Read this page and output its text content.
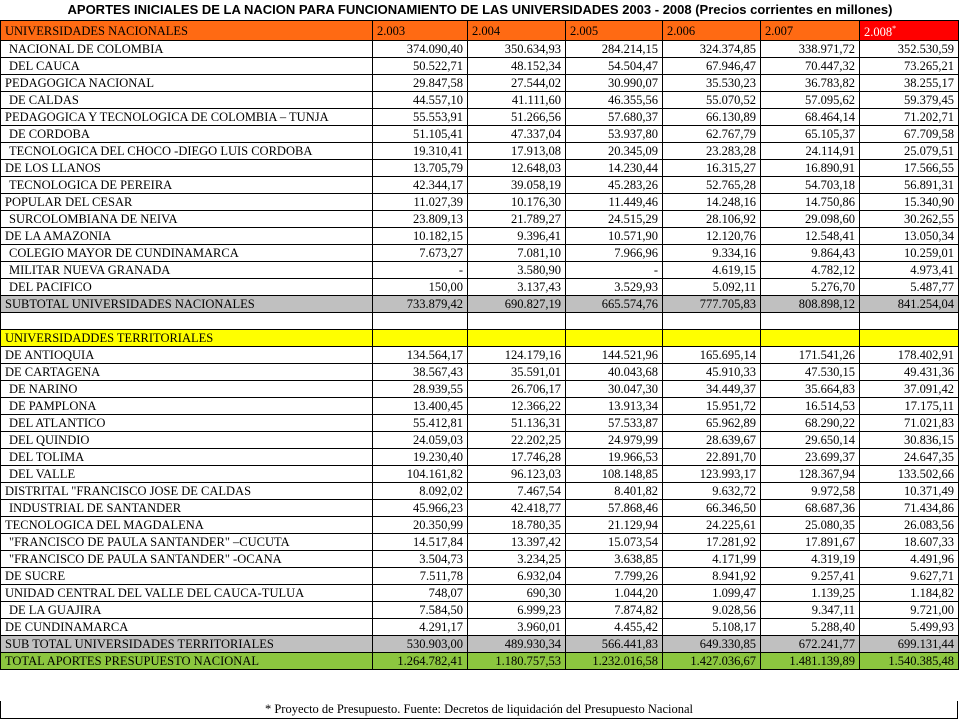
APORTES INICIALES DE LA NACION PARA FUNCIONAMIENTO DE LAS UNIVERSIDADES 2003 - 2008 (Precios corrientes en millones)
UNIVERSIDADES NACIONALES	2.003	2.004	2.005	2.006	2.007	2.008*
NACIONAL DE COLOMBIA	374.090,40	350.634,93	284.214,15	324.374,85	338.971,72	352.530,59
DEL CAUCA	50.522,71	48.152,34	54.504,47	67.946,47	70.447,32	73.265,21
PEDAGOGICA NACIONAL	29.847,58	27.544,02	30.990,07	35.530,23	36.783,82	38.255,17
DE CALDAS	44.557,10	41.111,60	46.355,56	55.070,52	57.095,62	59.379,45
PEDAGOGICA Y TECNOLOGICA DE COLOMBIA – TUNJA	55.553,91	51.266,56	57.680,37	66.130,89	68.464,14	71.202,71
DE CORDOBA	51.105,41	47.337,04	53.937,80	62.767,79	65.105,37	67.709,58
TECNOLOGICA DEL CHOCO -DIEGO LUIS CORDOBA	19.310,41	17.913,08	20.345,09	23.283,28	24.114,91	25.079,51
DE LOS LLANOS	13.705,79	12.648,03	14.230,44	16.315,27	16.890,91	17.566,55
TECNOLOGICA DE PEREIRA	42.344,17	39.058,19	45.283,26	52.765,28	54.703,18	56.891,31
POPULAR DEL CESAR	11.027,39	10.176,30	11.449,46	14.248,16	14.750,86	15.340,90
SURCOLOMBIANA DE NEIVA	23.809,13	21.789,27	24.515,29	28.106,92	29.098,60	30.262,55
DE LA AMAZONIA	10.182,15	9.396,41	10.571,90	12.120,76	12.548,41	13.050,34
COLEGIO MAYOR DE CUNDINAMARCA	7.673,27	7.081,10	7.966,96	9.334,16	9.864,43	10.259,01
MILITAR NUEVA GRANADA	-	3.580,90	-	4.619,15	4.782,12	4.973,41
DEL PACIFICO	150,00	3.137,43	3.529,93	5.092,11	5.276,70	5.487,77
SUBTOTAL UNIVERSIDADES NACIONALES	733.879,42	690.827,19	665.574,76	777.705,83	808.898,12	841.254,04

UNIVERSIDADDES TERRITORIALES						
DE ANTIOQUIA	134.564,17	124.179,16	144.521,96	165.695,14	171.541,26	178.402,91
DE CARTAGENA	38.567,43	35.591,01	40.043,68	45.910,33	47.530,15	49.431,36
DE NARINO	28.939,55	26.706,17	30.047,30	34.449,37	35.664,83	37.091,42
DE PAMPLONA	13.400,45	12.366,22	13.913,34	15.951,72	16.514,53	17.175,11
DEL ATLANTICO	55.412,81	51.136,31	57.533,87	65.962,89	68.290,22	71.021,83
DEL QUINDIO	24.059,03	22.202,25	24.979,99	28.639,67	29.650,14	30.836,15
DEL TOLIMA	19.230,40	17.746,28	19.966,53	22.891,70	23.699,37	24.647,35
DEL VALLE	104.161,82	96.123,03	108.148,85	123.993,17	128.367,94	133.502,66
DISTRITAL "FRANCISCO JOSE DE CALDAS	8.092,02	7.467,54	8.401,82	9.632,72	9.972,58	10.371,49
INDUSTRIAL DE SANTANDER	45.966,23	42.418,77	57.868,46	66.346,50	68.687,36	71.434,86
TECNOLOGICA DEL MAGDALENA	20.350,99	18.780,35	21.129,94	24.225,61	25.080,35	26.083,56
"FRANCISCO DE PAULA SANTANDER" –CUCUTA	14.517,84	13.397,42	15.073,54	17.281,92	17.891,67	18.607,33
"FRANCISCO DE PAULA SANTANDER" -OCANA	3.504,73	3.234,25	3.638,85	4.171,99	4.319,19	4.491,96
DE SUCRE	7.511,78	6.932,04	7.799,26	8.941,92	9.257,41	9.627,71
UNIDAD CENTRAL DEL VALLE DEL CAUCA-TULUA	748,07	690,30	1.044,20	1.099,47	1.139,25	1.184,82
DE LA GUAJIRA	7.584,50	6.999,23	7.874,82	9.028,56	9.347,11	9.721,00
DE CUNDINAMARCA	4.291,17	3.960,01	4.455,42	5.108,17	5.288,40	5.499,93
SUB TOTAL UNIVERSIDADES TERRITORIALES	530.903,00	489.930,34	566.441,83	649.330,85	672.241,77	699.131,44
TOTAL APORTES PRESUPUESTO NACIONAL	1.264.782,41	1.180.757,53	1.232.016,58	1.427.036,67	1.481.139,89	1.540.385,48
* Proyecto de Presupuesto. Fuente: Decretos de liquidación del Presupuesto Nacional
